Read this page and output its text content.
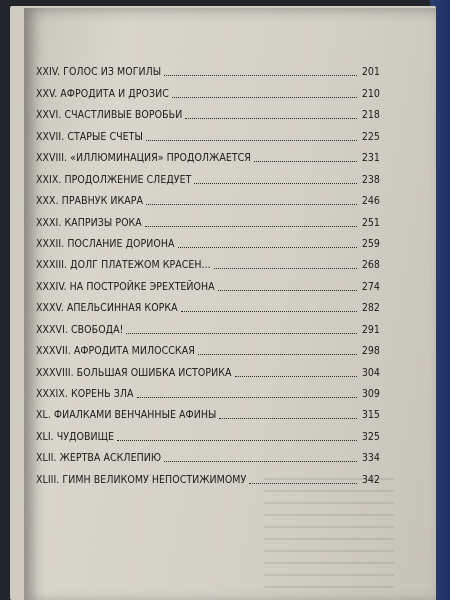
XXIV. ГОЛОС ИЗ МОГИЛЫ	201
XXV. АФРОДИТА И ДРОЗИС	210
XXVI. СЧАСТЛИВЫЕ ВОРОБЬИ	218
XXVII. СТАРЫЕ СЧЕТЫ	225
XXVIII. «ИЛЛЮМИНАЦИЯ» ПРОДОЛЖАЕТСЯ	231
XXIX. ПРОДОЛЖЕНИЕ СЛЕДУЕТ	238
XXX. ПРАВНУК ИКАРА	246
XXXI. КАПРИЗЫ РОКА	251
XXXII. ПОСЛАНИЕ ДОРИОНА	259
XXXIII. ДОЛГ ПЛАТЕЖОМ КРАСЕН...	268
XXXIV. НА ПОСТРОЙКЕ ЭРЕХТЕЙОНА	274
XXXV. АПЕЛЬСИННАЯ КОРКА	282
XXXVI. СВОБОДА!	291
XXXVII. АФРОДИТА МИЛОССКАЯ	298
XXXVIII. БОЛЬШАЯ ОШИБКА ИСТОРИКА	304
XXXIX. КОРЕНЬ ЗЛА	309
XL. ФИАЛКАМИ ВЕНЧАННЫЕ АФИНЫ	315
XLI. ЧУДОВИЩЕ	325
XLII. ЖЕРТВА АСКЛЕПИЮ	334
XLIII. ГИМН ВЕЛИКОМУ НЕПОСТИЖИМОМУ	342
